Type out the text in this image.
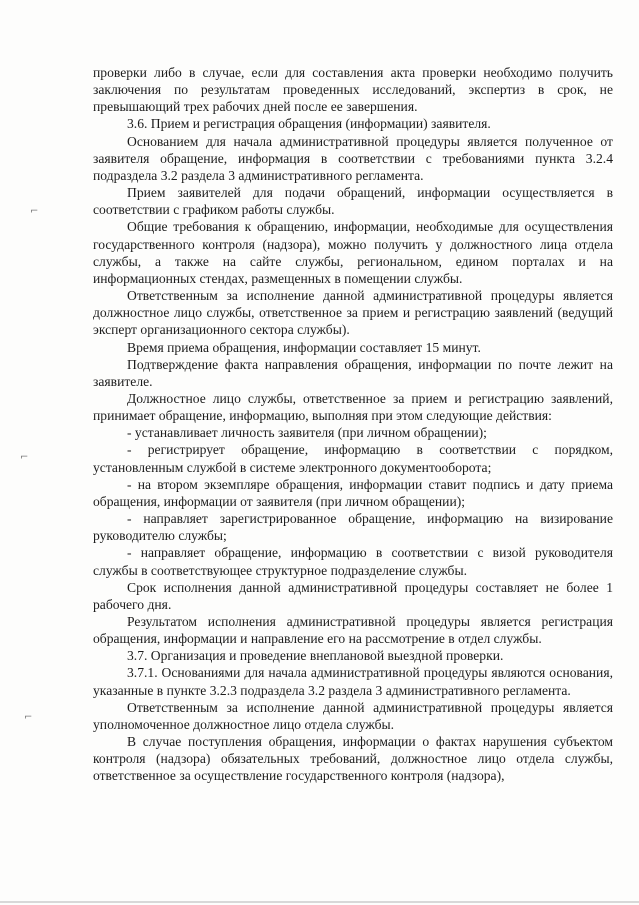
⌐
⌐
⌐

проверки либо в случае, если для составления акта проверки необходимо получить заключения по результатам проведенных исследований, экспертиз в срок, не превышающий трех рабочих дней после ее завершения.

3.6. Прием и регистрация обращения (информации) заявителя.

Основанием для начала административной процедуры является полученное от заявителя обращение, информация в соответствии с требованиями пункта 3.2.4 подраздела 3.2 раздела 3 административного регламента.

Прием заявителей для подачи обращений, информации осуществляется в соответствии с графиком работы службы.

Общие требования к обращению, информации, необходимые для осуществления государственного контроля (надзора), можно получить у должностного лица отдела службы, а также на сайте службы, региональном, едином порталах и на информационных стендах, размещенных в помещении службы.

Ответственным за исполнение данной административной процедуры является должностное лицо службы, ответственное за прием и регистрацию заявлений (ведущий эксперт организационного сектора службы).

Время приема обращения, информации составляет 15 минут.

Подтверждение факта направления обращения, информации по почте лежит на заявителе.

Должностное лицо службы, ответственное за прием и регистрацию заявлений, принимает обращение, информацию, выполняя при этом следующие действия:

- устанавливает личность заявителя (при личном обращении);

- регистрирует обращение, информацию в соответствии с порядком, установленным службой в системе электронного документооборота;

- на втором экземпляре обращения, информации ставит подпись и дату приема обращения, информации от заявителя (при личном обращении);

- направляет зарегистрированное обращение, информацию на визирование руководителю службы;

- направляет обращение, информацию в соответствии с визой руководителя службы в соответствующее структурное подразделение службы.

Срок исполнения данной административной процедуры составляет не более 1 рабочего дня.

Результатом исполнения административной процедуры является регистрация обращения, информации и направление его на рассмотрение в отдел службы.

3.7. Организация и проведение внеплановой выездной проверки.

3.7.1. Основаниями для начала административной процедуры являются основания, указанные в пункте 3.2.3 подраздела 3.2 раздела 3 административного регламента.

Ответственным за исполнение данной административной процедуры является уполномоченное должностное лицо отдела службы.

В случае поступления обращения, информации о фактах нарушения субъектом контроля (надзора) обязательных требований, должностное лицо отдела службы, ответственное за осуществление государственного контроля (надзора),
